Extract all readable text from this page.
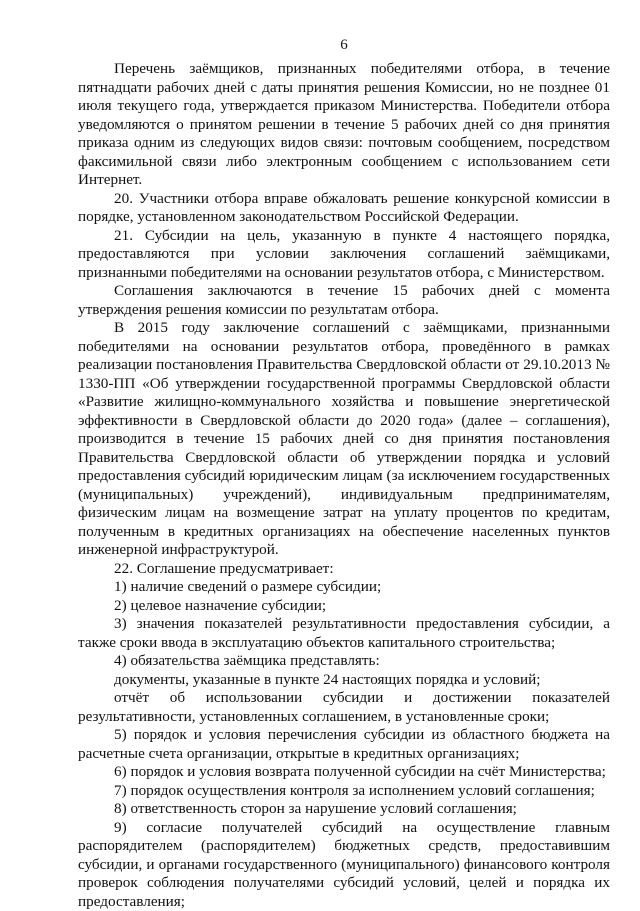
6

Перечень заёмщиков, признанных победителями отбора, в течение пятнадцати рабочих дней с даты принятия решения Комиссии, но не позднее 01 июля текущего года, утверждается приказом Министерства. Победители отбора уведомляются о принятом решении в течение 5 рабочих дней со дня принятия приказа одним из следующих видов связи: почтовым сообщением, посредством факсимильной связи либо электронным сообщением с использованием сети Интернет.

20. Участники отбора вправе обжаловать решение конкурсной комиссии в порядке, установленном законодательством Российской Федерации.

21. Субсидии на цель, указанную в пункте 4 настоящего порядка, предоставляются при условии заключения соглашений заёмщиками, признанными победителями на основании результатов отбора, с Министерством.

Соглашения заключаются в течение 15 рабочих дней с момента утверждения решения комиссии по результатам отбора.

В 2015 году заключение соглашений с заёмщиками, признанными победителями на основании результатов отбора, проведённого в рамках реализации постановления Правительства Свердловской области от 29.10.2013 № 1330-ПП «Об утверждении государственной программы Свердловской области «Развитие жилищно-коммунального хозяйства и повышение энергетической эффективности в Свердловской области до 2020 года» (далее – соглашения), производится в течение 15 рабочих дней со дня принятия постановления Правительства Свердловской области об утверждении порядка и условий предоставления субсидий юридическим лицам (за исключением государственных (муниципальных) учреждений), индивидуальным предпринимателям, физическим лицам на возмещение затрат на уплату процентов по кредитам, полученным в кредитных организациях на обеспечение населенных пунктов инженерной инфраструктурой.

22. Соглашение предусматривает:

1) наличие сведений о размере субсидии;

2) целевое назначение субсидии;

3) значения показателей результативности предоставления субсидии, а также сроки ввода в эксплуатацию объектов капитального строительства;

4) обязательства заёмщика представлять:

документы, указанные в пункте 24 настоящих порядка и условий;

отчёт об использовании субсидии и достижении показателей результативности, установленных соглашением, в установленные сроки;

5) порядок и условия перечисления субсидии из областного бюджета на расчетные счета организации, открытые в кредитных организациях;

6) порядок и условия возврата полученной субсидии на счёт Министерства;

7) порядок осуществления контроля за исполнением условий соглашения;

8) ответственность сторон за нарушение условий соглашения;

9) согласие получателей субсидий на осуществление главным распорядителем (распорядителем) бюджетных средств, предоставившим субсидии, и органами государственного (муниципального) финансового контроля проверок соблюдения получателями субсидий условий, целей и порядка их предоставления;
